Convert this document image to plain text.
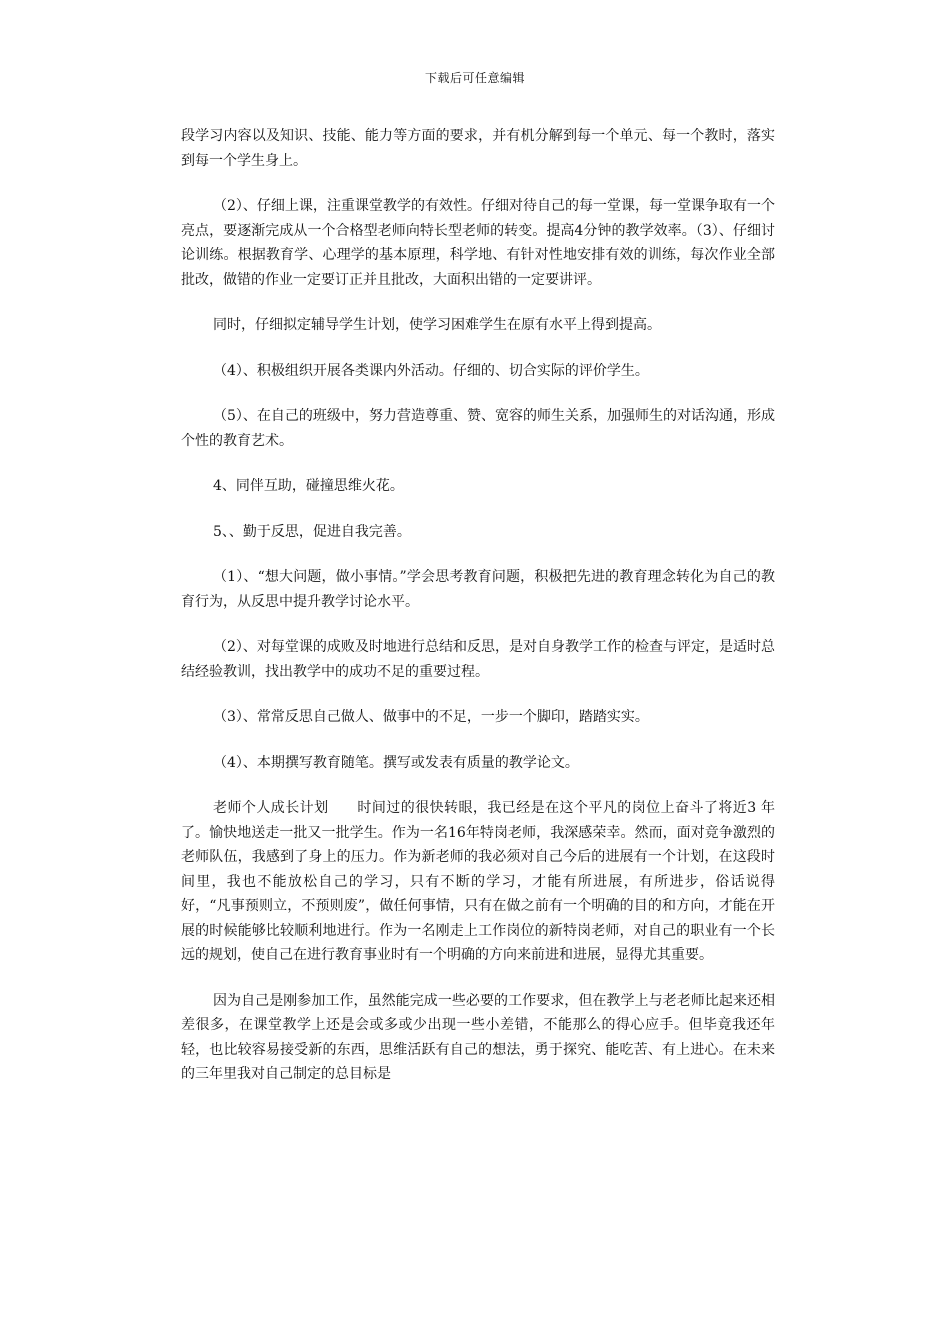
下载后可任意编辑

段学习内容以及知识、技能、能力等方面的要求，并有机分解到每一个单元、每一个教时，落实到每一个学生身上。

（2）、仔细上课，注重课堂教学的有效性。仔细对待自己的每一堂课，每一堂课争取有一个亮点，要逐渐完成从一个合格型老师向特长型老师的转变。提高4分钟的教学效率。（3）、仔细讨论训练。根据教育学、心理学的基本原理，科学地、有针对性地安排有效的训练，每次作业全部批改，做错的作业一定要订正并且批改，大面积出错的一定要讲评。

同时，仔细拟定辅导学生计划，使学习困难学生在原有水平上得到提高。

（4）、积极组织开展各类课内外活动。仔细的、切合实际的评价学生。

（5）、在自己的班级中，努力营造尊重、赞、宽容的师生关系，加强师生的对话沟通，形成个性的教育艺术。

4、同伴互助，碰撞思维火花。

5、、勤于反思，促进自我完善。

（1）、“想大问题，做小事情。”学会思考教育问题，积极把先进的教育理念转化为自己的教育行为，从反思中提升教学讨论水平。

（2）、对每堂课的成败及时地进行总结和反思，是对自身教学工作的检查与评定，是适时总结经验教训，找出教学中的成功不足的重要过程。

（3）、常常反思自己做人、做事中的不足，一步一个脚印，踏踏实实。

（4）、本期撰写教育随笔。撰写或发表有质量的教学论文。

老师个人成长计划　　时间过的很快转眼，我已经是在这个平凡的岗位上奋斗了将近3 年了。愉快地送走一批又一批学生。作为一名16年特岗老师，我深感荣幸。然而，面对竞争激烈的老师队伍，我感到了身上的压力。作为新老师的我必须对自己今后的进展有一个计划，在这段时间里，我也不能放松自己的学习，只有不断的学习，才能有所进展，有所进步，俗话说得好，“凡事预则立，不预则废”，做任何事情，只有在做之前有一个明确的目的和方向，才能在开展的时候能够比较顺利地进行。作为一名刚走上工作岗位的新特岗老师，对自己的职业有一个长远的规划，使自己在进行教育事业时有一个明确的方向来前进和进展，显得尤其重要。

因为自己是刚参加工作，虽然能完成一些必要的工作要求，但在教学上与老老师比起来还相差很多，在课堂教学上还是会或多或少出现一些小差错，不能那么的得心应手。但毕竟我还年轻，也比较容易接受新的东西，思维活跃有自己的想法，勇于探究、能吃苦、有上进心。在未来的三年里我对自己制定的总目标是
